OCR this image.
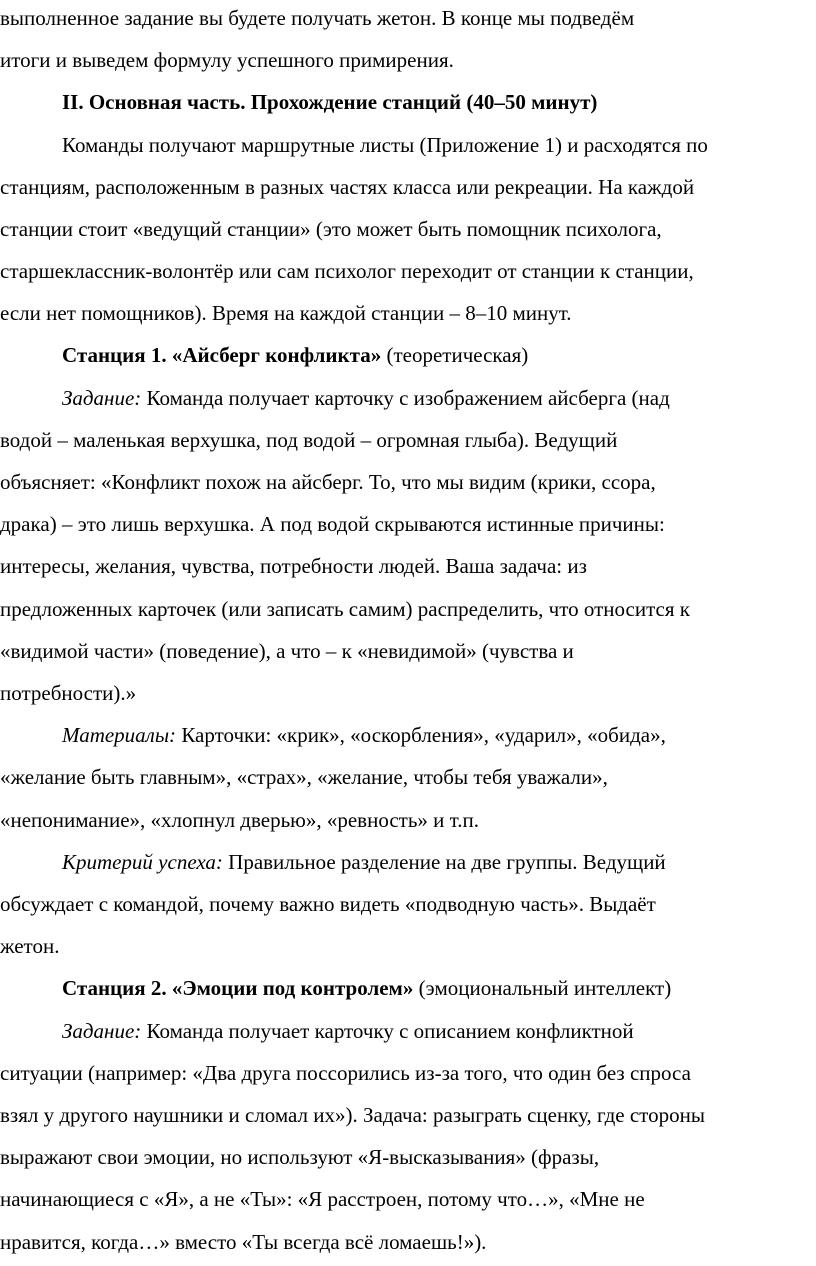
выполненное задание вы будете получать жетон. В конце мы подведём
итоги и выведем формулу успешного примирения.
II. Основная часть. Прохождение станций (40–50 минут)
Команды получают маршрутные листы (Приложение 1) и расходятся по
станциям, расположенным в разных частях класса или рекреации. На каждой
станции стоит «ведущий станции» (это может быть помощник психолога,
старшеклассник-волонтёр или сам психолог переходит от станции к станции,
если нет помощников). Время на каждой станции – 8–10 минут.
Станция 1. «Айсберг конфликта» (теоретическая)
Задание: Команда получает карточку с изображением айсберга (над
водой – маленькая верхушка, под водой – огромная глыба). Ведущий
объясняет: «Конфликт похож на айсберг. То, что мы видим (крики, ссора,
драка) – это лишь верхушка. А под водой скрываются истинные причины:
интересы, желания, чувства, потребности людей. Ваша задача: из
предложенных карточек (или записать самим) распределить, что относится к
«видимой части» (поведение), а что – к «невидимой» (чувства и
потребности).»
Материалы: Карточки: «крик», «оскорбления», «ударил», «обида»,
«желание быть главным», «страх», «желание, чтобы тебя уважали»,
«непонимание», «хлопнул дверью», «ревность» и т.п.
Критерий успеха: Правильное разделение на две группы. Ведущий
обсуждает с командой, почему важно видеть «подводную часть». Выдаёт
жетон.
Станция 2. «Эмоции под контролем» (эмоциональный интеллект)
Задание: Команда получает карточку с описанием конфликтной
ситуации (например: «Два друга поссорились из-за того, что один без спроса
взял у другого наушники и сломал их»). Задача: разыграть сценку, где стороны
выражают свои эмоции, но используют «Я-высказывания» (фразы,
начинающиеся с «Я», а не «Ты»: «Я расстроен, потому что…», «Мне не
нравится, когда…» вместо «Ты всегда всё ломаешь!»).
